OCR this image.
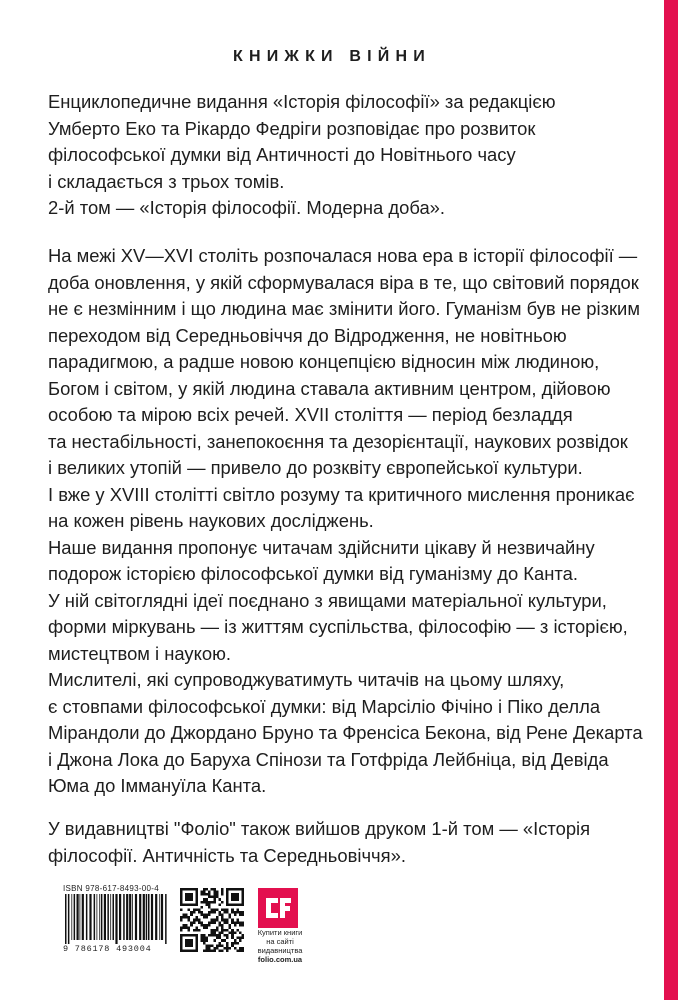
КНИЖКИ ВІЙНИ
Енциклопедичне видання «Історія філософії» за редакцією
Умберто Еко та Рікардо Федріги розповідає про розвиток
філософської думки від Античності до Новітнього часу
і складається з трьох томів.
2-й том — «Історія філософії. Модерна доба».
На межі XV—XVI століть розпочалася нова ера в історії філософії —
доба оновлення, у якій сформувалася віра в те, що світовий порядок
не є незмінним і що людина має змінити його. Гуманізм був не різким
переходом від Середньовіччя до Відродження, не новітньою
парадигмою, а радше новою концепцією відносин між людиною,
Богом і світом, у якій людина ставала активним центром, дійовою
особою та мірою всіх речей. XVII століття — період безладдя
та нестабільності, занепокоєння та дезорієнтації, наукових розвідок
і великих утопій — привело до розквіту європейської культури.
І вже у XVIII столітті світло розуму та критичного мислення проникає
на кожен рівень наукових досліджень.
Наше видання пропонує читачам здійснити цікаву й незвичайну
подорож історією філософської думки від гуманізму до Канта.
У ній світоглядні ідеї поєднано з явищами матеріальної культури,
форми міркувань — із життям суспільства, філософію — з історією,
мистецтвом і наукою.
Мислителі, які супроводжуватимуть читачів на цьому шляху,
є стовпами філософської думки: від Марсіліо Фічіно і Піко делла
Мірандоли до Джордано Бруно та Френсіса Бекона, від Рене Декарта
і Джона Лока до Баруха Спінози та Готфріда Лейбніца, від Девіда
Юма до Іммануїла Канта.
У видавництві "Фоліо" також вийшов друком 1-й том — «Історія
філософії. Античність та Середньовіччя».
ISBN 978-617-8493-00-4
9 786178 493004
Купити книги
на сайті
видавництва
folio.com.ua
